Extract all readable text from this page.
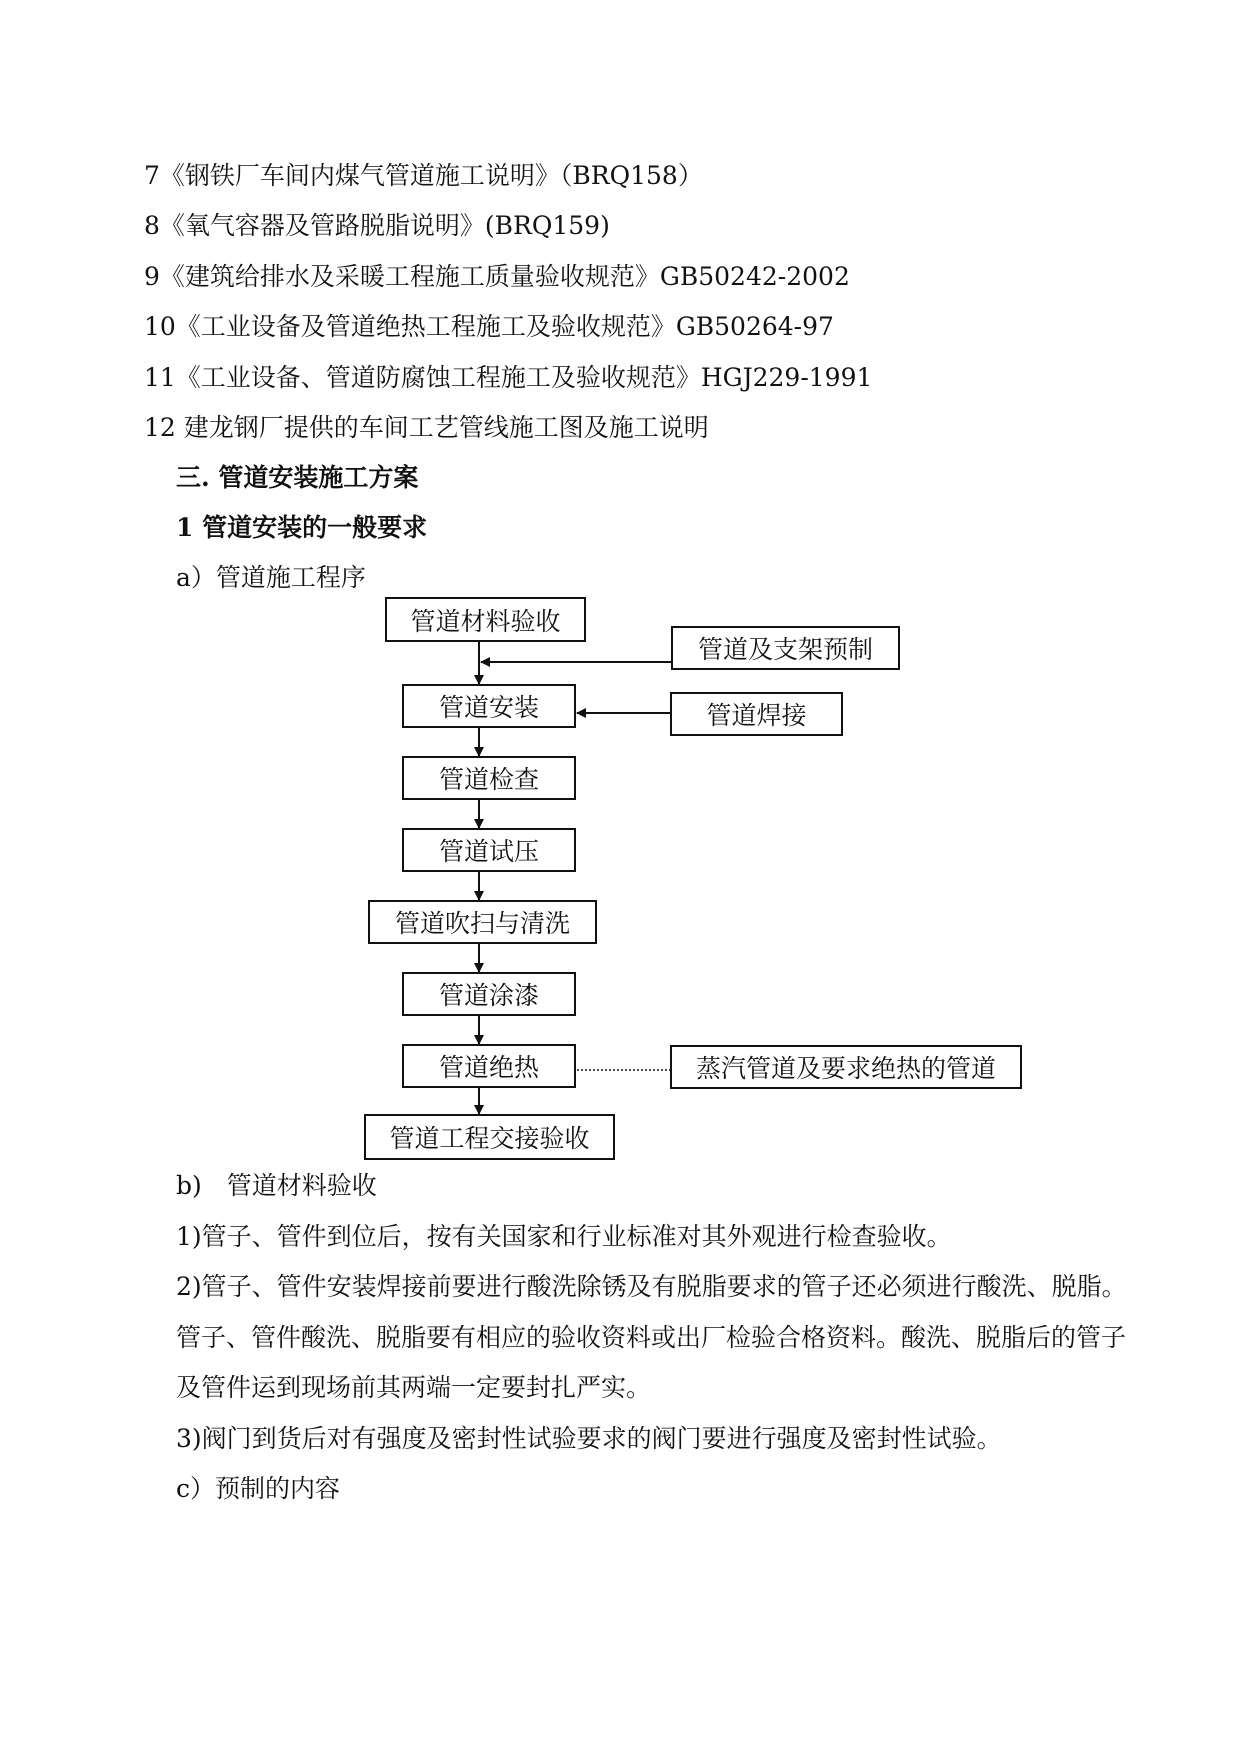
7《钢铁厂车间内煤气管道施工说明》（BRQ158）
8《氧气容器及管路脱脂说明》(BRQ159)
9《建筑给排水及采暖工程施工质量验收规范》GB50242-2002
10《工业设备及管道绝热工程施工及验收规范》GB50264-97
11《工业设备、管道防腐蚀工程施工及验收规范》HGJ229-1991
12 建龙钢厂提供的车间工艺管线施工图及施工说明
三. 管道安装施工方案
1 管道安装的一般要求
a）管道施工程序
管道材料验收
管道安装
管道检查
管道试压
管道吹扫与清洗
管道涂漆
管道绝热
管道工程交接验收
管道及支架预制
管道焊接
蒸汽管道及要求绝热的管道
b)　管道材料验收
1)管子、管件到位后，按有关国家和行业标准对其外观进行检查验收。
2)管子、管件安装焊接前要进行酸洗除锈及有脱脂要求的管子还必须进行酸洗、脱脂。
管子、管件酸洗、脱脂要有相应的验收资料或出厂检验合格资料。酸洗、脱脂后的管子
及管件运到现场前其两端一定要封扎严实。
3)阀门到货后对有强度及密封性试验要求的阀门要进行强度及密封性试验。
c）预制的内容
